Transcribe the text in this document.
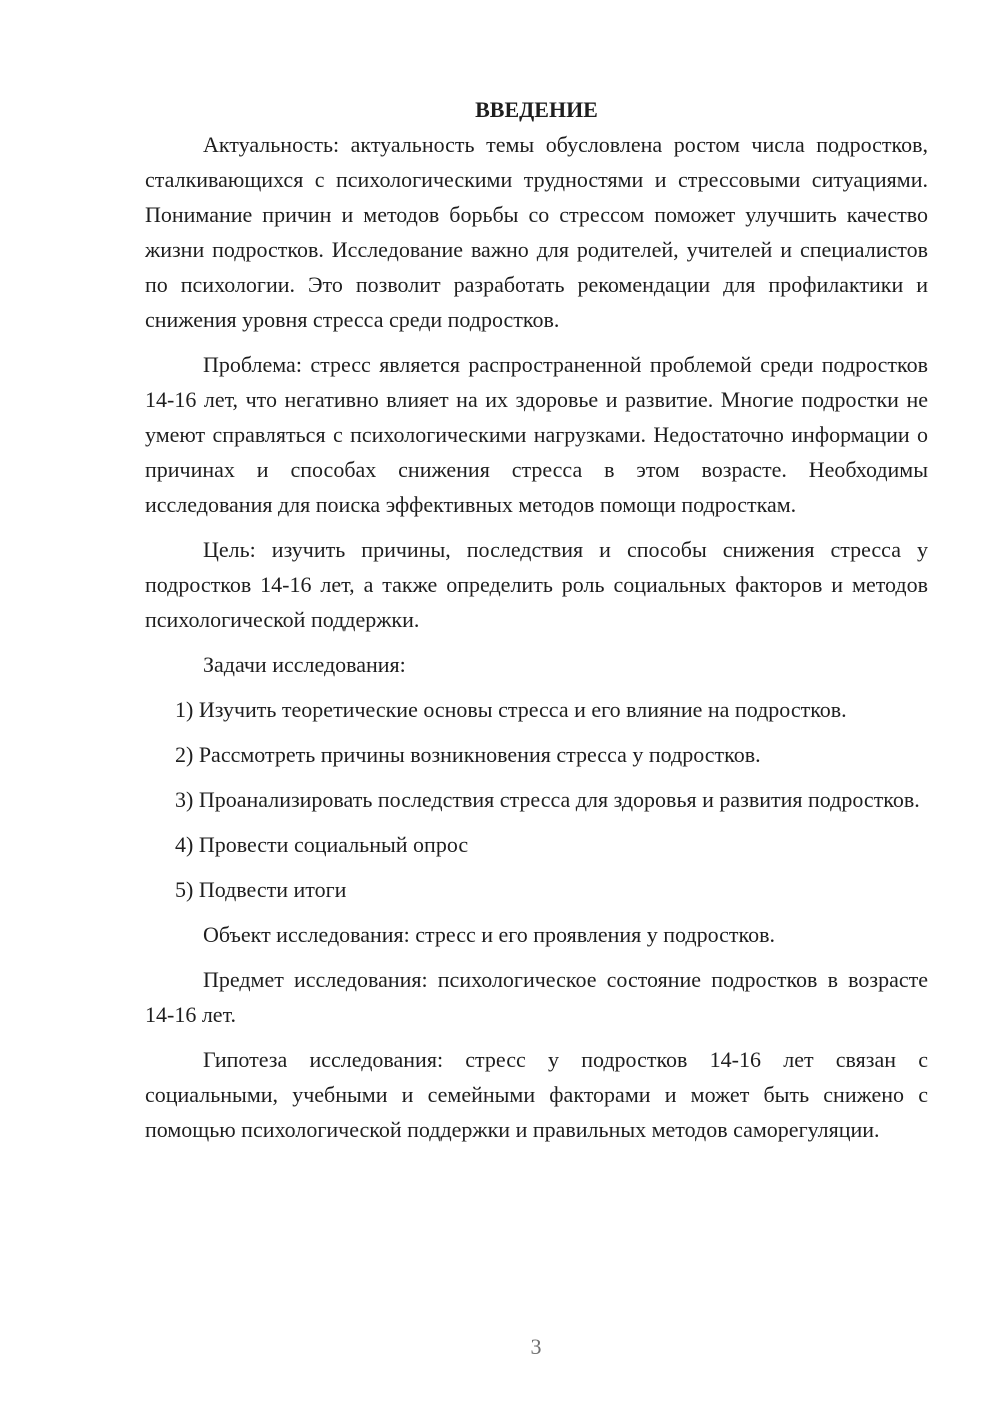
ВВЕДЕНИЕ

Актуальность: актуальность темы обусловлена ростом числа подростков, сталкивающихся с психологическими трудностями и стрессовыми ситуациями. Понимание причин и методов борьбы со стрессом поможет улучшить качество жизни подростков. Исследование важно для родителей, учителей и специалистов по психологии. Это позволит разработать рекомендации для профилактики и снижения уровня стресса среди подростков.

Проблема: стресс является распространенной проблемой среди подростков 14-16 лет, что негативно влияет на их здоровье и развитие. Многие подростки не умеют справляться с психологическими нагрузками. Недостаточно информации о причинах и способах снижения стресса в этом возрасте. Необходимы исследования для поиска эффективных методов помощи подросткам.

Цель: изучить причины, последствия и способы снижения стресса у подростков 14-16 лет, а также определить роль социальных факторов и методов психологической поддержки.

Задачи исследования:

1) Изучить теоретические основы стресса и его влияние на подростков.

2) Рассмотреть причины возникновения стресса у подростков.

3) Проанализировать последствия стресса для здоровья и развития подростков.

4) Провести социальный опрос

5) Подвести итоги

Объект исследования: стресс и его проявления у подростков.

Предмет исследования: психологическое состояние подростков в возрасте 14-16 лет.

Гипотеза исследования: стресс у подростков 14-16 лет связан с социальными, учебными и семейными факторами и может быть снижено с помощью психологической поддержки и правильных методов саморегуляции.

3
